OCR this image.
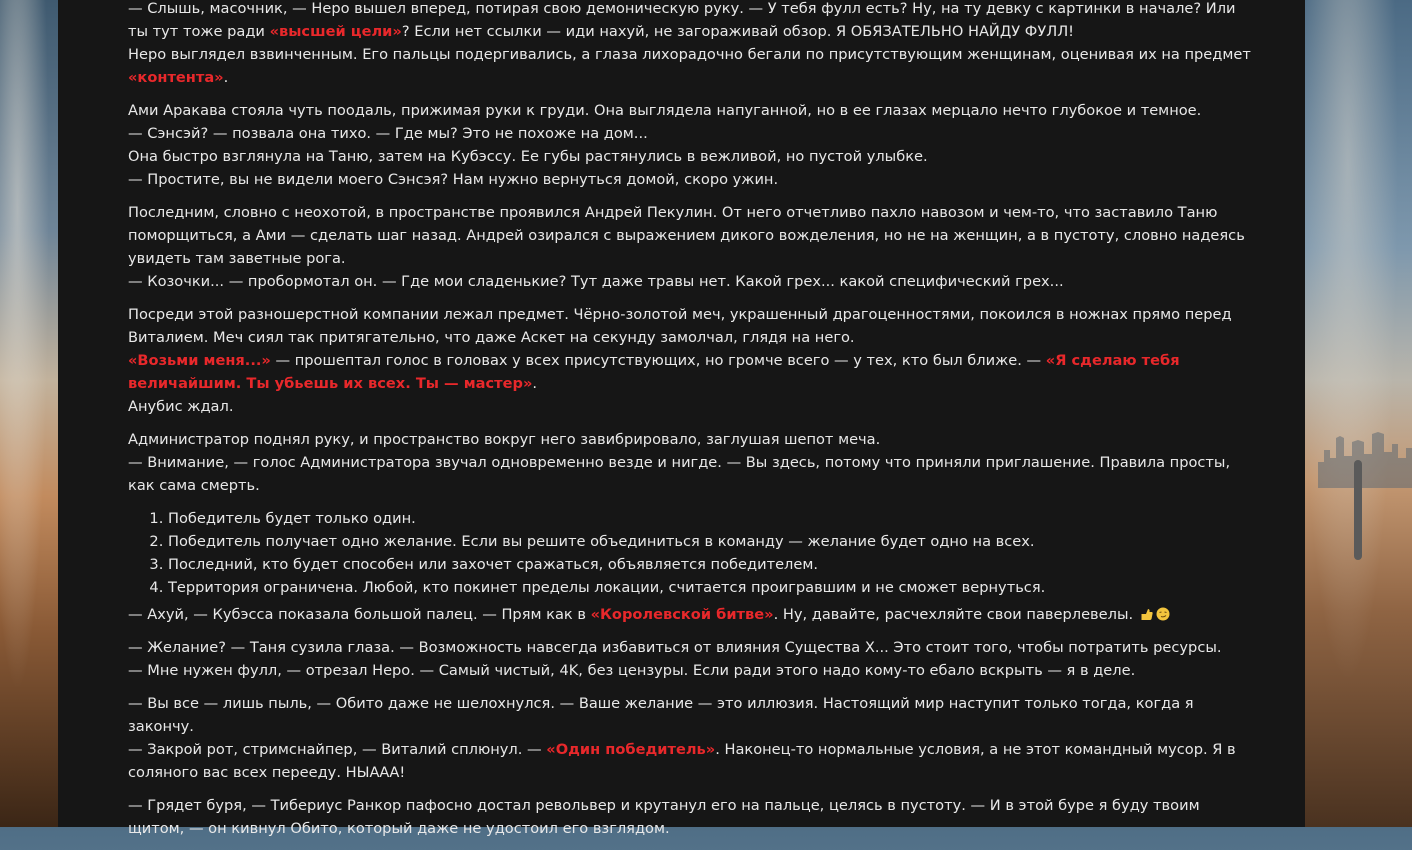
— Слышь, масочник, — Неро вышел вперед, потирая свою демоническую руку. — У тебя фулл есть? Ну, на ту девку с картинки в начале? Или ты тут тоже ради «высшей цели»? Если нет ссылки — иди нахуй, не загораживай обзор. Я ОБЯЗАТЕЛЬНО НАЙДУ ФУЛЛ!
Неро выглядел взвинченным. Его пальцы подергивались, а глаза лихорадочно бегали по присутствующим женщинам, оценивая их на предмет «контента».

Ами Аракава стояла чуть поодаль, прижимая руки к груди. Она выглядела напуганной, но в ее глазах мерцало нечто глубокое и темное.
— Сэнсэй? — позвала она тихо. — Где мы? Это не похоже на дом...
Она быстро взглянула на Таню, затем на Кубэссу. Ее губы растянулись в вежливой, но пустой улыбке.
— Простите, вы не видели моего Сэнсэя? Нам нужно вернуться домой, скоро ужин.

Последним, словно с неохотой, в пространстве проявился Андрей Пекулин. От него отчетливо пахло навозом и чем-то, что заставило Таню поморщиться, а Ами — сделать шаг назад. Андрей озирался с выражением дикого вожделения, но не на женщин, а в пустоту, словно надеясь увидеть там заветные рога.
— Козочки... — пробормотал он. — Где мои сладенькие? Тут даже травы нет. Какой грех... какой специфический грех...

Посреди этой разношерстной компании лежал предмет. Чёрно-золотой меч, украшенный драгоценностями, покоился в ножнах прямо перед Виталием. Меч сиял так притягательно, что даже Аскет на секунду замолчал, глядя на него.
«Возьми меня...» — прошептал голос в головах у всех присутствующих, но громче всего — у тех, кто был ближе. — «Я сделаю тебя величайшим. Ты убьешь их всех. Ты — мастер».
Анубис ждал.

Администратор поднял руку, и пространство вокруг него завибрировало, заглушая шепот меча.
— Внимание, — голос Администратора звучал одновременно везде и нигде. — Вы здесь, потому что приняли приглашение. Правила просты, как сама смерть.

1. Победитель будет только один.
2. Победитель получает одно желание. Если вы решите объединиться в команду — желание будет одно на всех.
3. Последний, кто будет способен или захочет сражаться, объявляется победителем.
4. Территория ограничена. Любой, кто покинет пределы локации, считается проигравшим и не сможет вернуться.

— Ахуй, — Кубэсса показала большой палец. — Прям как в «Королевской битве». Ну, давайте, расчехляйте свои паверлевелы.

— Желание? — Таня сузила глаза. — Возможность навсегда избавиться от влияния Существа Х... Это стоит того, чтобы потратить ресурсы.
— Мне нужен фулл, — отрезал Неро. — Самый чистый, 4K, без цензуры. Если ради этого надо кому-то ебало вскрыть — я в деле.

— Вы все — лишь пыль, — Обито даже не шелохнулся. — Ваше желание — это иллюзия. Настоящий мир наступит только тогда, когда я закончу.
— Закрой рот, стримснайпер, — Виталий сплюнул. — «Один победитель». Наконец-то нормальные условия, а не этот командный мусор. Я в соляного вас всех перееду. НЫААА!

— Грядет буря, — Тибериус Ранкор пафосно достал револьвер и крутанул его на пальце, целясь в пустоту. — И в этой буре я буду твоим щитом, — он кивнул Обито, который даже не удостоил его взглядом.
